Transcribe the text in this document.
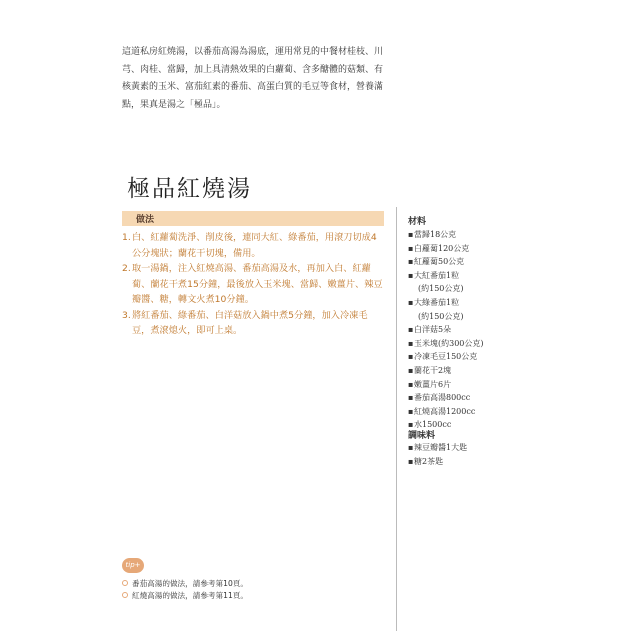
這道私房紅燒湯，以番茄高湯為湯底，運用常見的中餐材桂枝、川芎、肉桂、當歸，加上具清熱效果的白蘿蔔、含多醣體的菇類、有核黃素的玉米、富茄紅素的番茄、高蛋白質的毛豆等食材，營養滿點，果真是湯之「極品」。
極品紅燒湯
做法
1. 白、紅蘿蔔洗淨、削皮後，連同大紅、綠番茄，用滾刀切成4公分塊狀；蘭花干切塊，備用。
2. 取一湯鍋，注入紅燒高湯、番茄高湯及水，再加入白、紅蘿蔔、蘭花干煮15分鐘，最後放入玉米塊、當歸、嫩薑片、辣豆瓣醬、糖，轉文火煮10分鐘。
3. 將紅番茄、綠番茄、白洋菇放入鍋中煮5分鐘，加入冷凍毛豆，煮滾熄火，即可上桌。
材料
▪ 當歸18公克
▪ 白蘿蔔120公克
▪ 紅蘿蔔50公克
▪ 大紅番茄1粒
(約150公克)
▪ 大綠番茄1粒
(約150公克)
▪ 白洋菇5朵
▪ 玉米塊(約300公克)
▪ 冷凍毛豆150公克
▪ 蘭花干2塊
▪ 嫩薑片6片
▪ 番茄高湯800cc
▪ 紅燒高湯1200cc
▪ 水1500cc
調味料
▪ 辣豆瓣醬1大匙
▪ 糖2茶匙
tip+
番茄高湯的做法，請參考第10頁。
紅燒高湯的做法，請參考第11頁。
